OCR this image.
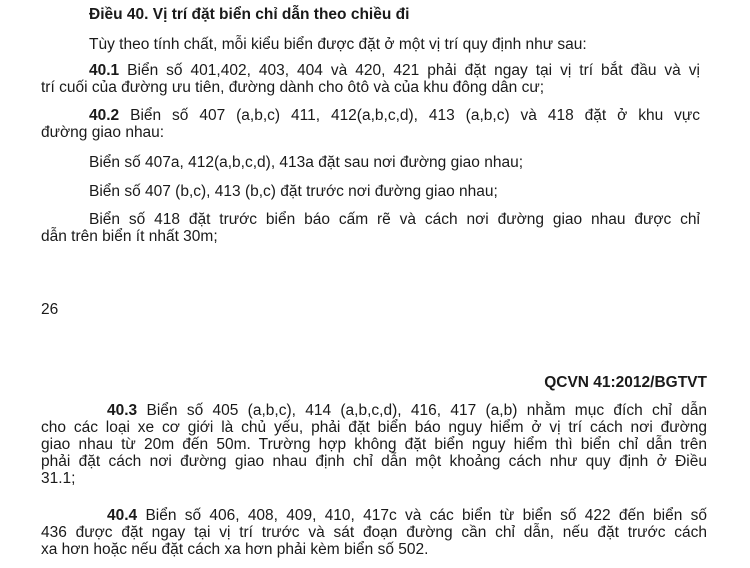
Điều 40. Vị trí đặt biển chỉ dẫn theo chiều đi
Tùy theo tính chất, mỗi kiểu biển được đặt ở một vị trí quy định như sau:
40.1 Biển số 401,402, 403, 404 và 420, 421 phải đặt ngay tại vị trí bắt đầu và vị
trí cuối của đường ưu tiên, đường dành cho ôtô và của khu đông dân cư;
40.2 Biển số 407 (a,b,c) 411, 412(a,b,c,d), 413 (a,b,c) và 418 đặt ở khu vực
đường giao nhau:
Biển số 407a, 412(a,b,c,d), 413a đặt sau nơi đường giao nhau;
Biển số 407 (b,c), 413 (b,c) đặt trước nơi đường giao nhau;
Biển số 418 đặt trước biển báo cấm rẽ và cách nơi đường giao nhau được chỉ
dẫn trên biển ít nhất 30m;
26
QCVN 41:2012/BGTVT
40.3 Biển số 405 (a,b,c), 414 (a,b,c,d), 416, 417 (a,b) nhằm mục đích chỉ dẫn
cho các loại xe cơ giới là chủ yếu, phải đặt biển báo nguy hiểm ở vị trí cách nơi đường
giao nhau từ 20m đến 50m. Trường hợp không đặt biển nguy hiểm thì biển chỉ dẫn trên
phải đặt cách nơi đường giao nhau định chỉ dẫn một khoảng cách như quy định ở Điều
31.1;
40.4 Biển số 406, 408, 409, 410, 417c và các biển từ biển số 422 đến biển số
436 được đặt ngay tại vị trí trước và sát đoạn đường cần chỉ dẫn, nếu đặt trước cách
xa hơn hoặc nếu đặt cách xa hơn phải kèm biển số 502.
